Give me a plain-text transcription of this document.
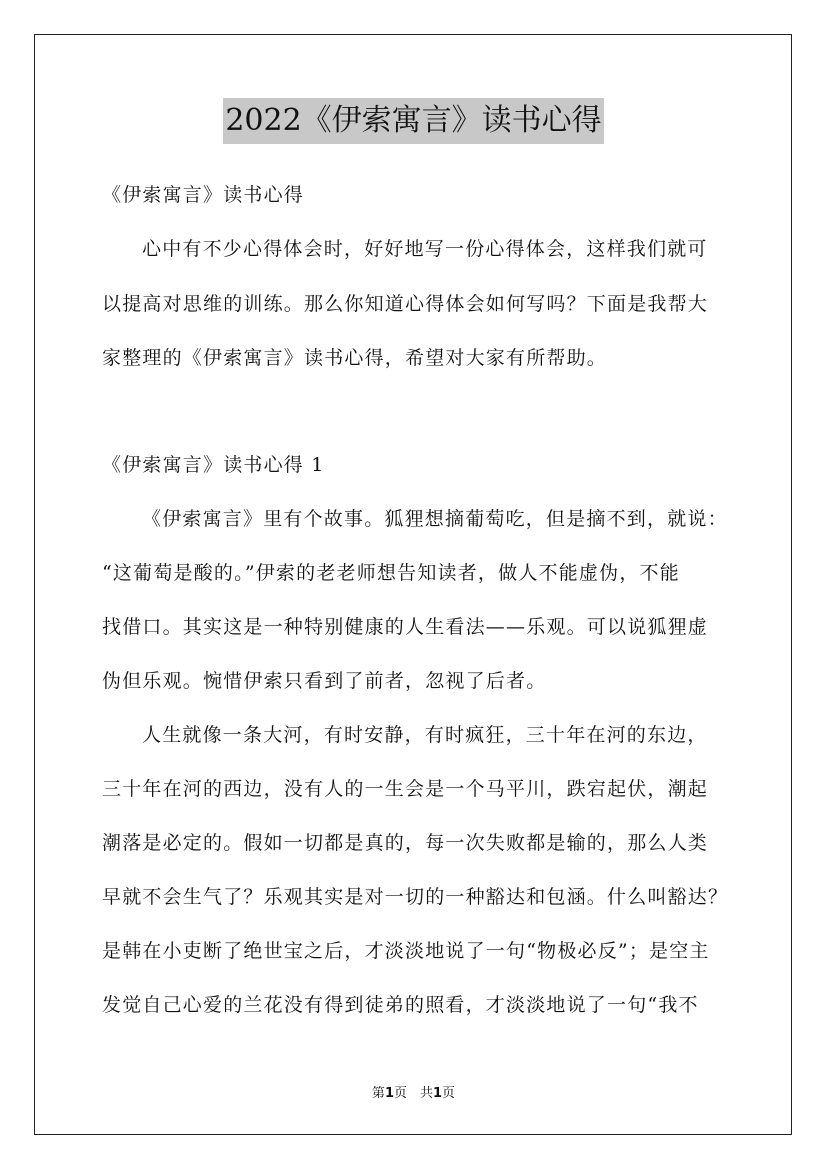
2022《伊索寓言》读书心得
《伊索寓言》读书心得
心中有不少心得体会时，好好地写一份心得体会，这样我们就可
以提高对思维的训练。那么你知道心得体会如何写吗？下面是我帮大
家整理的《伊索寓言》读书心得，希望对大家有所帮助。
《伊索寓言》读书心得 1
《伊索寓言》里有个故事。狐狸想摘葡萄吃，但是摘不到，就说：
“这葡萄是酸的。”伊索的老老师想告知读者，做人不能虚伪，不能
找借口。其实这是一种特别健康的人生看法——乐观。可以说狐狸虚
伪但乐观。惋惜伊索只看到了前者，忽视了后者。
人生就像一条大河，有时安静，有时疯狂，三十年在河的东边，
三十年在河的西边，没有人的一生会是一个马平川，跌宕起伏，潮起
潮落是必定的。假如一切都是真的，每一次失败都是输的，那么人类
早就不会生气了？乐观其实是对一切的一种豁达和包涵。什么叫豁达？
是韩在小吏断了绝世宝之后，才淡淡地说了一句“物极必反”；是空主
发觉自己心爱的兰花没有得到徒弟的照看，才淡淡地说了一句“我不
第1页　共1页
